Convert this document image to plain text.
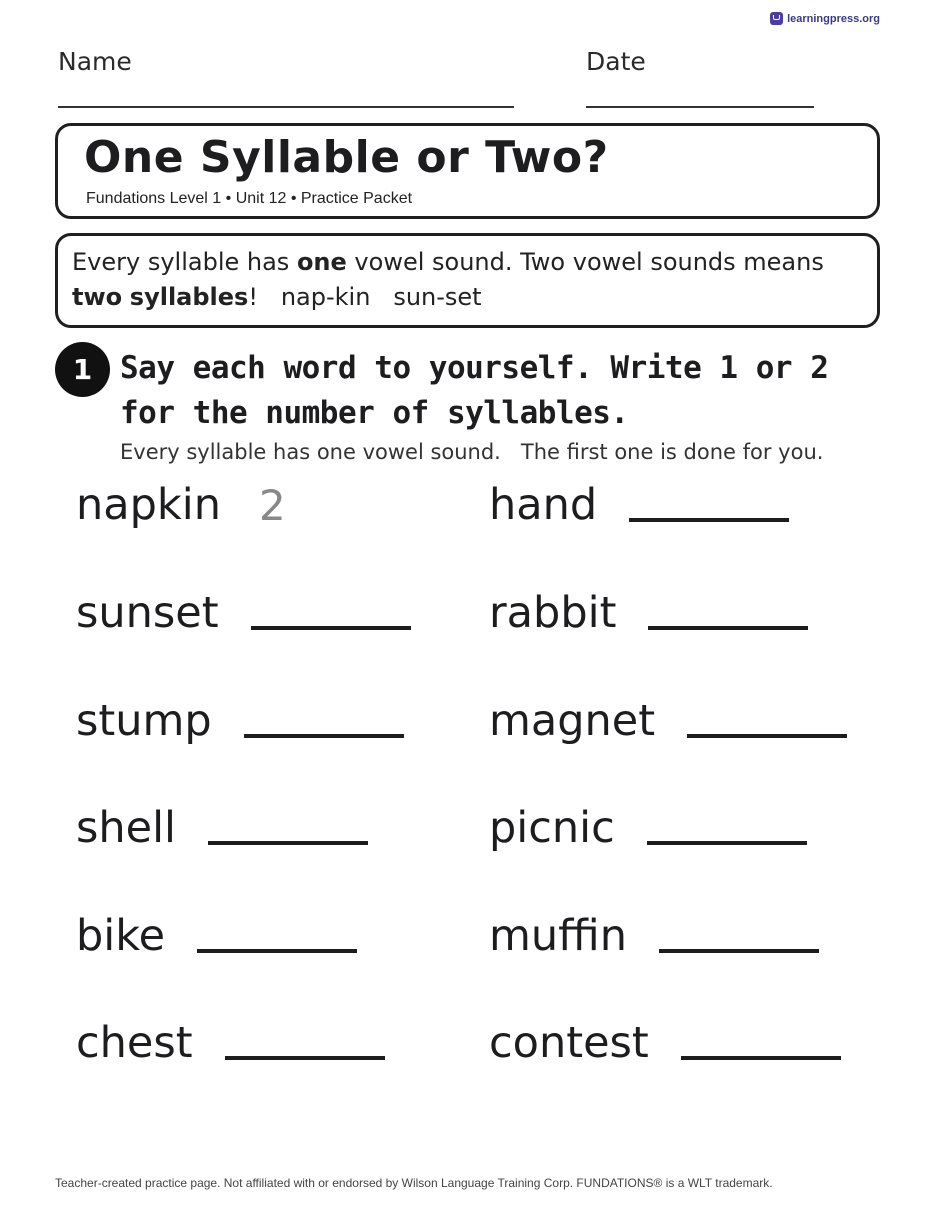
learningpress.org
Name	Date
One Syllable or Two?
Fundations Level 1 • Unit 12 • Practice Packet
Every syllable has one vowel sound. Two vowel sounds means two syllables!   nap-kin   sun-set
1 Say each word to yourself. Write 1 or 2 for the number of syllables.
Every syllable has one vowel sound.   The first one is done for you.
napkin 2	hand
sunset	rabbit
stump	magnet
shell	picnic
bike	muffin
chest	contest
Teacher-created practice page. Not affiliated with or endorsed by Wilson Language Training Corp. FUNDATIONS® is a WLT trademark.
